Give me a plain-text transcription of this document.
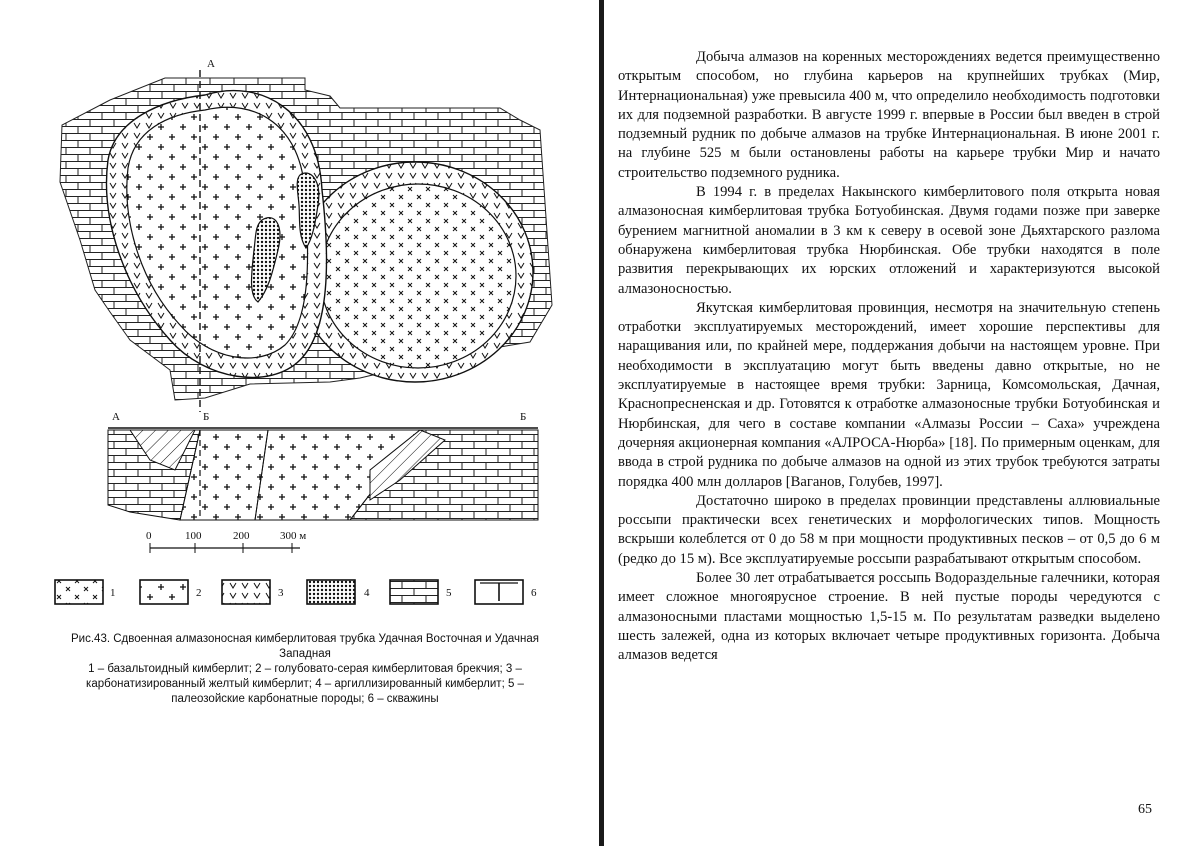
A
A	Б	Б
0	100	200	300 м
1	2	3	4	5	6
Рис.43. Сдвоенная алмазоносная кимберлитовая трубка Удачная Восточная и Удачная Западная
1 – базальтоидный кимберлит; 2 – голубовато-серая кимберлитовая брекчия; 3 – карбонатизированный желтый кимберлит; 4 – аргиллизированный кимберлит; 5 – палеозойские карбонатные породы; 6 – скважины

Добыча алмазов на коренных месторождениях ведется преимущественно открытым способом, но глубина карьеров на крупнейших трубках (Мир, Интернациональная) уже превысила 400 м, что определило необходимость подготовки их для подземной разработки. В августе 1999 г. впервые в России был введен в строй подземный рудник по добыче алмазов на трубке Интернациональная. В июне 2001 г. на глубине 525 м были остановлены работы на карьере трубки Мир и начато строительство подземного рудника.

В 1994 г. в пределах Накынского кимберлитового поля открыта новая алмазоносная кимберлитовая трубка Ботуобинская. Двумя годами позже при заверке бурением магнитной аномалии в 3 км к северу в осевой зоне Дьяхтарского разлома обнаружена кимберлитовая трубка Нюрбинская. Обе трубки находятся в поле развития перекрывающих их юрских отложений и характеризуются высокой алмазоносностью.

Якутская кимберлитовая провинция, несмотря на значительную степень отработки эксплуатируемых месторождений, имеет хорошие перспективы для наращивания или, по крайней мере, поддержания добычи на настоящем уровне. При необходимости в эксплуатацию могут быть введены давно открытые, но не эксплуатируемые в настоящее время трубки: Зарница, Комсомольская, Дачная, Краснопресненская и др. Готовятся к отработке алмазоносные трубки Ботуобинская и Нюрбинская, для чего в составе компании «Алмазы России – Саха» учреждена дочерняя акционерная компания «АЛРОСА-Нюрба» [18]. По примерным оценкам, для ввода в строй рудника по добыче алмазов на одной из этих трубок требуются затраты порядка 400 млн долларов [Ваганов, Голубев, 1997].

Достаточно широко в пределах провинции представлены аллювиальные россыпи практически всех генетических и морфологических типов. Мощность вскрыши колеблется от 0 до 58 м при мощности продуктивных песков – от 0,5 до 6 м (редко до 15 м). Все эксплуатируемые россыпи разрабатывают открытым способом.

Более 30 лет отрабатывается россыпь Водораздельные галечники, которая имеет сложное многоярусное строение. В ней пустые породы чередуются с алмазоносными пластами мощностью 1,5-15 м. По результатам разведки выделено шесть залежей, одна из которых включает четыре продуктивных горизонта. Добыча алмазов ведется

65
